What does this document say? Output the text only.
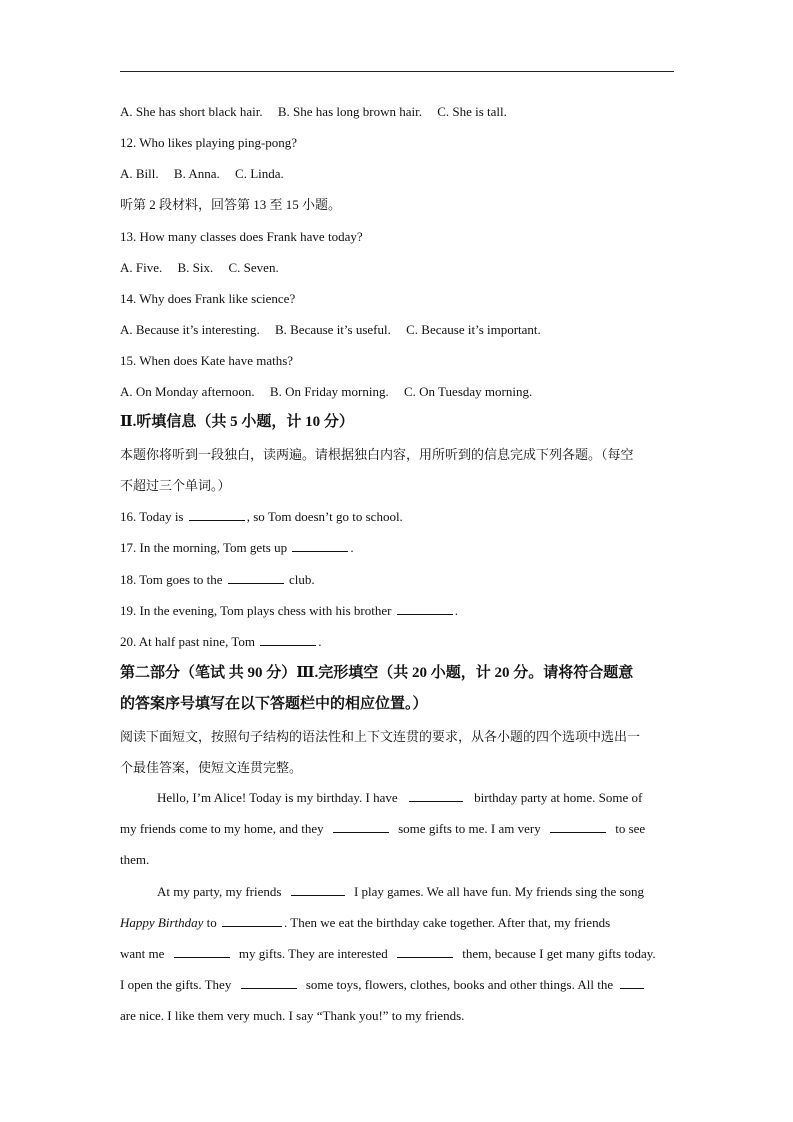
A. She has short black hair. B. She has long brown hair. C. She is tall.
12. Who likes playing ping-pong?
A. Bill. B. Anna. C. Linda.
听第 2 段材料，回答第 13 至 15 小题。
13. How many classes does Frank have today?
A. Five. B. Six. C. Seven.
14. Why does Frank like science?
A. Because it’s interesting. B. Because it’s useful. C. Because it’s important.
15. When does Kate have maths?
A. On Monday afternoon. B. On Friday morning. C. On Tuesday morning.
Ⅱ.听填信息（共 5 小题，计 10 分）
本题你将听到一段独白，读两遍。请根据独白内容，用所听到的信息完成下列各题。（每空
不超过三个单词。）
16. Today is	, so Tom doesn’t go to school.
17. In the morning, Tom gets up	.
18. Tom goes to the	club.
19. In the evening, Tom plays chess with his brother	.
20. At half past nine, Tom	.
第二部分（笔试 共 90 分）Ⅲ.完形填空（共 20 小题，计 20 分。请将符合题意
的答案序号填写在以下答题栏中的相应位置。）
阅读下面短文，按照句子结构的语法性和上下文连贯的要求，从各小题的四个选项中选出一
个最佳答案，使短文连贯完整。
Hello, I’m Alice! Today is my birthday. I have	birthday party at home. Some of
my friends come to my home, and they	some gifts to me. I am very	to see
them.
At my party, my friends	I play games. We all have fun. My friends sing the song
Happy Birthday to	. Then we eat the birthday cake together. After that, my friends
want me	my gifts. They are interested	them, because I get many gifts today.
I open the gifts. They	some toys, flowers, clothes, books and other things. All the
are nice. I like them very much. I say “Thank you!” to my friends.
